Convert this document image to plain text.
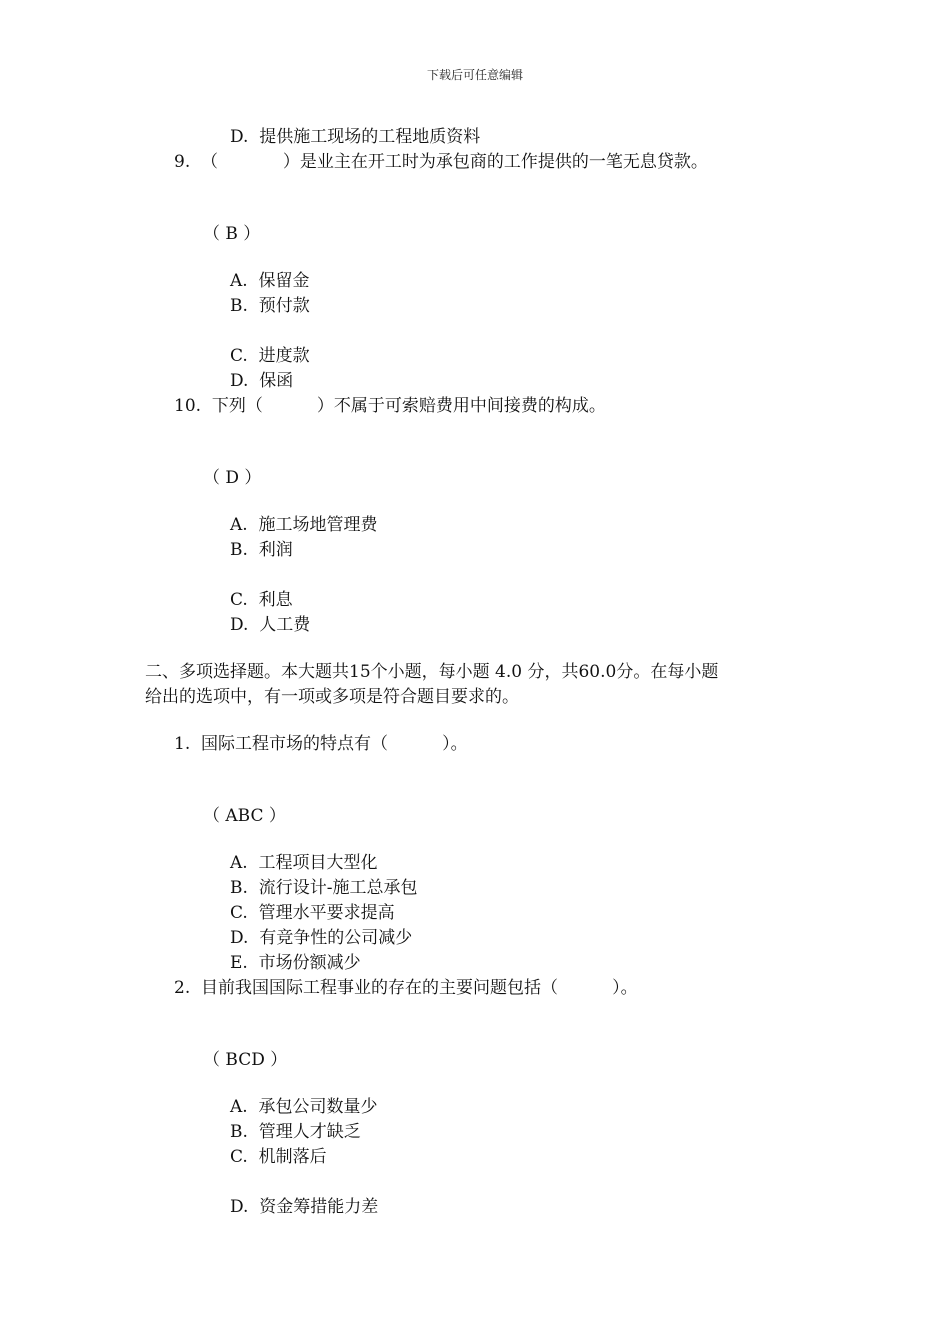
下载后可任意编辑
D.  提供施工现场的工程地质资料
9.  （            ）是业主在开工时为承包商的工作提供的一笔无息贷款。
（ B ）
A.  保留金
B.  预付款
C.  进度款
D.  保函
10.  下列（          ）不属于可索赔费用中间接费的构成。
（ D ）
A.  施工场地管理费
B.  利润
C.  利息
D.  人工费
二、多项选择题。本大题共15个小题，每小题 4.0 分，共60.0分。在每小题
给出的选项中，有一项或多项是符合题目要求的。
1.  国际工程市场的特点有（          ）。
（ ABC ）
A.  工程项目大型化
B.  流行设计-施工总承包
C.  管理水平要求提高
D.  有竞争性的公司减少
E.  市场份额减少
2.  目前我国国际工程事业的存在的主要问题包括（          ）。
（ BCD ）
A.  承包公司数量少
B.  管理人才缺乏
C.  机制落后
D.  资金筹措能力差
